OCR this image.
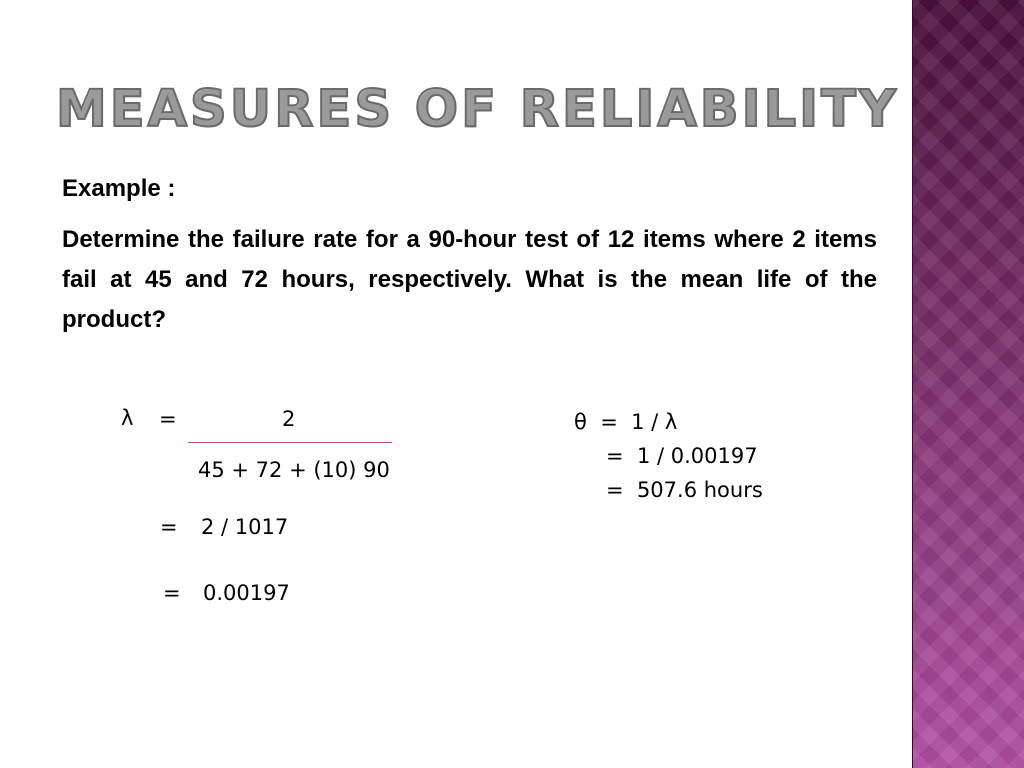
MEASURES OF RELIABILITY

Example :

Determine the failure rate for a 90-hour test of 12 items where 2 items fail at 45 and 72 hours, respectively. What is the mean life of the product?

λ =	2
45 + 72 + (10) 90
= 2 / 1017
= 0.00197
θ  =  1 / λ
=  1 / 0.00197
=  507.6 hours
